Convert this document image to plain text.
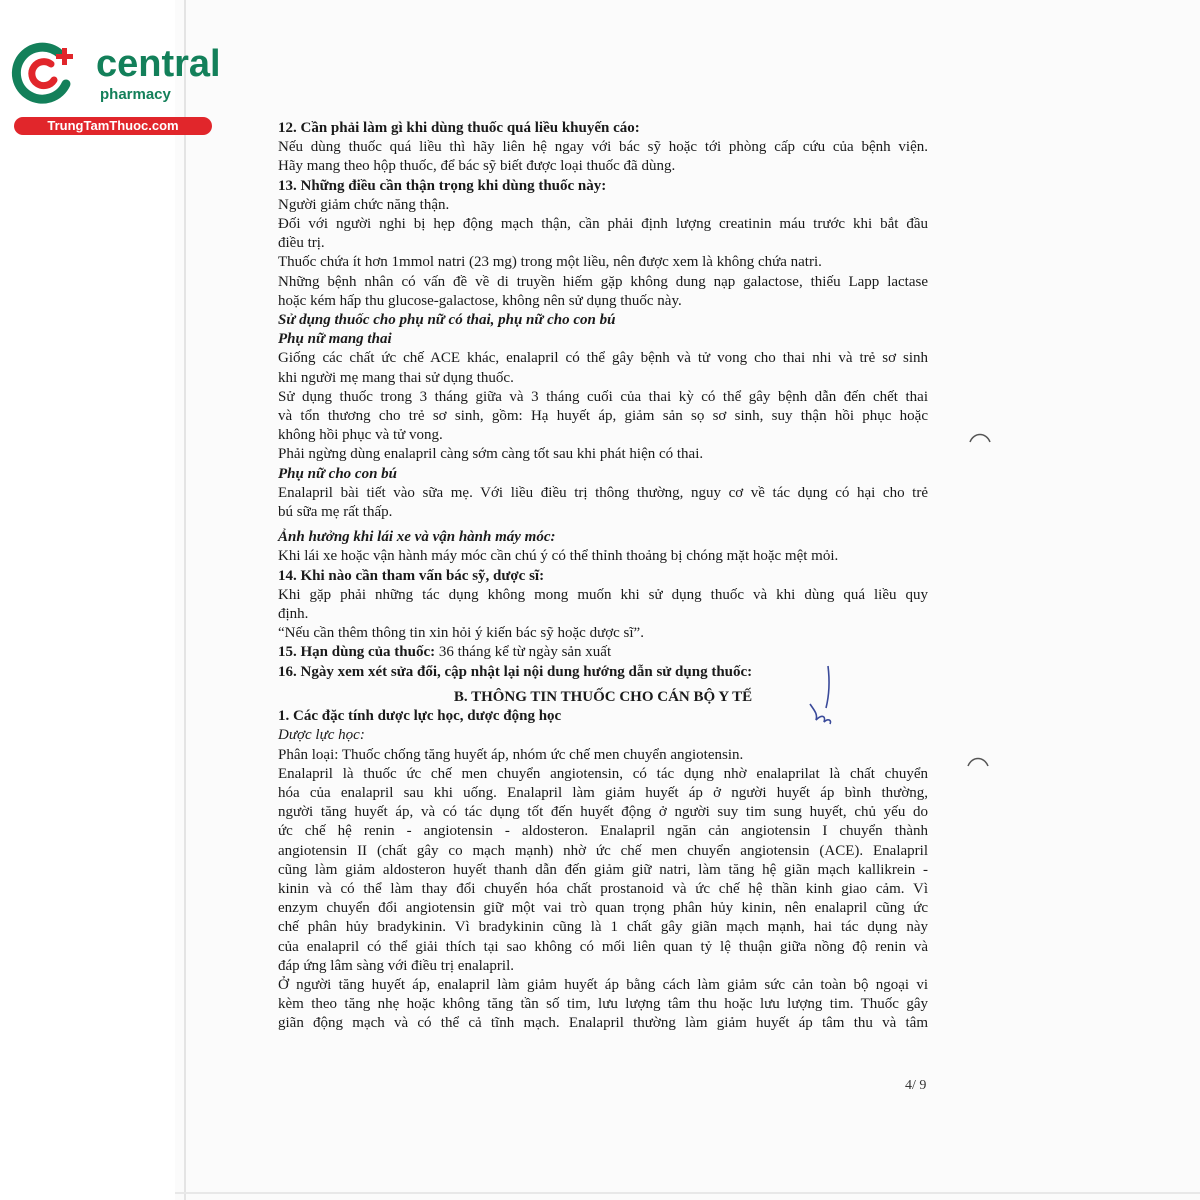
central
pharmacy
TrungTamThuoc.com	12. Cần phải làm gì khi dùng thuốc quá liều khuyến cáo:
Nếu dùng thuốc quá liều thì hãy liên hệ ngay với bác sỹ hoặc tới phòng cấp cứu của bệnh viện.
Hãy mang theo hộp thuốc, để bác sỹ biết được loại thuốc đã dùng.
13. Những điều cần thận trọng khi dùng thuốc này:
Người giảm chức năng thận.
Đối với người nghi bị hẹp động mạch thận, cần phải định lượng creatinin máu trước khi bắt đầu
điều trị.
Thuốc chứa ít hơn 1mmol natri (23 mg) trong một liều, nên được xem là không chứa natri.
Những bệnh nhân có vấn đề về di truyền hiếm gặp không dung nạp galactose, thiếu Lapp lactase
hoặc kém hấp thu glucose-galactose, không nên sử dụng thuốc này.
Sử dụng thuốc cho phụ nữ có thai, phụ nữ cho con bú
Phụ nữ mang thai
Giống các chất ức chế ACE khác, enalapril có thể gây bệnh và tử vong cho thai nhi và trẻ sơ sinh
khi người mẹ mang thai sử dụng thuốc.
Sử dụng thuốc trong 3 tháng giữa và 3 tháng cuối của thai kỳ có thể gây bệnh dẫn đến chết thai
và tổn thương cho trẻ sơ sinh, gồm: Hạ huyết áp, giảm sản sọ sơ sinh, suy thận hồi phục hoặc
không hồi phục và tử vong.
Phải ngừng dùng enalapril càng sớm càng tốt sau khi phát hiện có thai.
Phụ nữ cho con bú
Enalapril bài tiết vào sữa mẹ. Với liều điều trị thông thường, nguy cơ về tác dụng có hại cho trẻ
bú sữa mẹ rất thấp.
Ảnh hưởng khi lái xe và vận hành máy móc:
Khi lái xe hoặc vận hành máy móc cần chú ý có thể thỉnh thoảng bị chóng mặt hoặc mệt mỏi.
14. Khi nào cần tham vấn bác sỹ, dược sĩ:
Khi gặp phải những tác dụng không mong muốn khi sử dụng thuốc và khi dùng quá liều quy
định.
“Nếu cần thêm thông tin xin hỏi ý kiến bác sỹ hoặc dược sĩ”.
15. Hạn dùng của thuốc: 36 tháng kể từ ngày sản xuất
16. Ngày xem xét sửa đổi, cập nhật lại nội dung hướng dẫn sử dụng thuốc:
B. THÔNG TIN THUỐC CHO CÁN BỘ Y TẾ
1. Các đặc tính dược lực học, dược động học
Dược lực học:
Phân loại: Thuốc chống tăng huyết áp, nhóm ức chế men chuyển angiotensin.
Enalapril là thuốc ức chế men chuyển angiotensin, có tác dụng nhờ enalaprilat là chất chuyển
hóa của enalapril sau khi uống. Enalapril làm giảm huyết áp ở người huyết áp bình thường,
người tăng huyết áp, và có tác dụng tốt đến huyết động ở người suy tim sung huyết, chủ yếu do
ức chế hệ renin - angiotensin - aldosteron. Enalapril ngăn cản angiotensin I chuyển thành
angiotensin II (chất gây co mạch mạnh) nhờ ức chế men chuyển angiotensin (ACE). Enalapril
cũng làm giảm aldosteron huyết thanh dẫn đến giảm giữ natri, làm tăng hệ giãn mạch kallikrein -
kinin và có thể làm thay đổi chuyển hóa chất prostanoid và ức chế hệ thần kinh giao cảm. Vì
enzym chuyển đổi angiotensin giữ một vai trò quan trọng phân hủy kinin, nên enalapril cũng ức
chế phân hủy bradykinin. Vì bradykinin cũng là 1 chất gây giãn mạch mạnh, hai tác dụng này
của enalapril có thể giải thích tại sao không có mối liên quan tỷ lệ thuận giữa nồng độ renin và
đáp ứng lâm sàng với điều trị enalapril.
Ở người tăng huyết áp, enalapril làm giảm huyết áp bằng cách làm giảm sức cản toàn bộ ngoại vi
kèm theo tăng nhẹ hoặc không tăng tần số tim, lưu lượng tâm thu hoặc lưu lượng tim. Thuốc gây
giãn động mạch và có thể cả tĩnh mạch. Enalapril thường làm giảm huyết áp tâm thu và tâm
4/ 9
